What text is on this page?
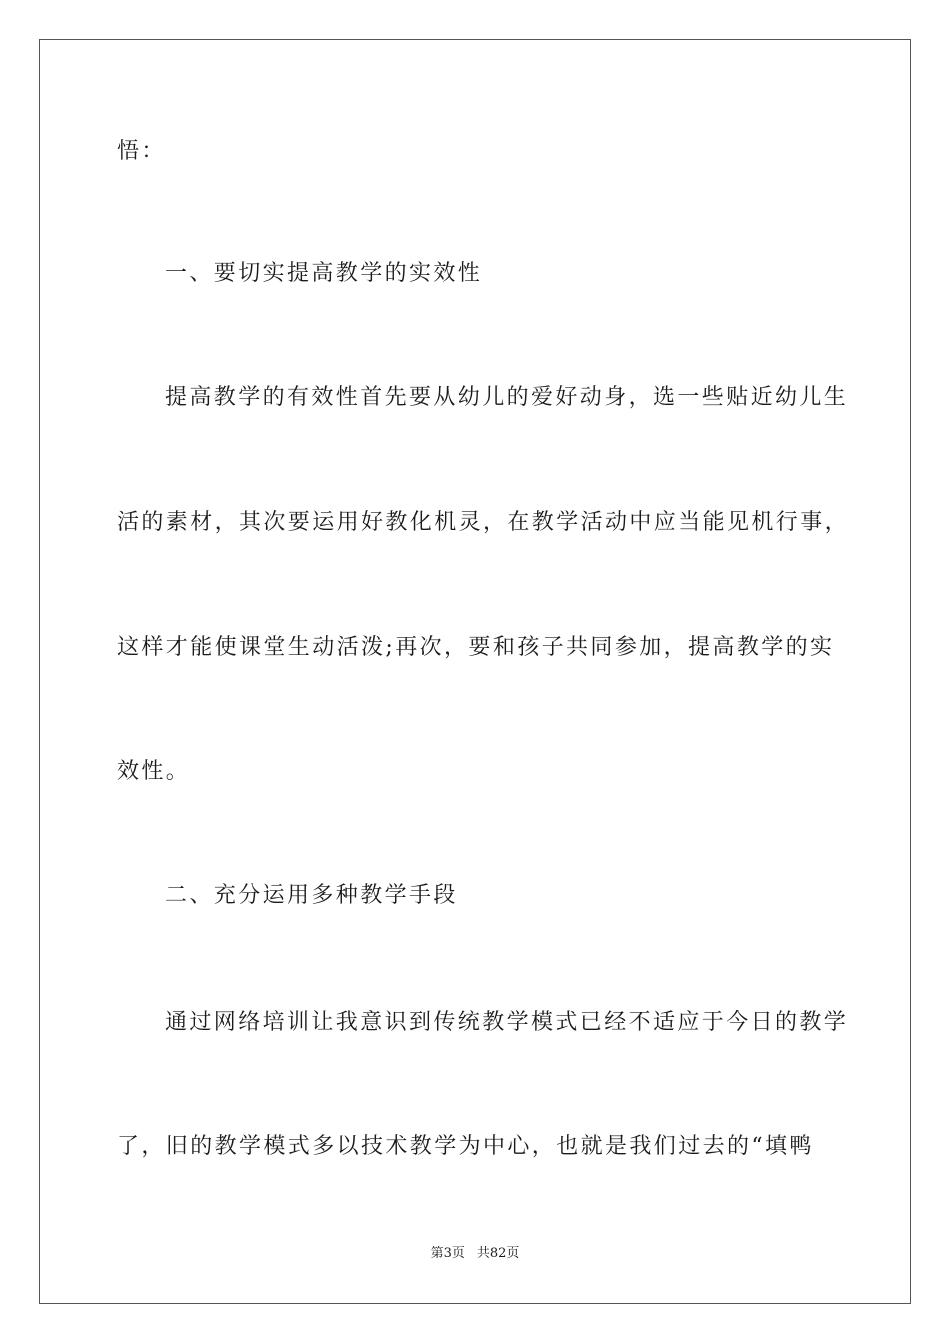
悟：
一、要切实提高教学的实效性
提高教学的有效性首先要从幼儿的爱好动身，选一些贴近幼儿生
活的素材，其次要运用好教化机灵，在教学活动中应当能见机行事，
这样才能使课堂生动活泼;再次，要和孩子共同参加，提高教学的实
效性。
二、充分运用多种教学手段
通过网络培训让我意识到传统教学模式已经不适应于今日的教学
了，旧的教学模式多以技术教学为中心，也就是我们过去的“填鸭
第3页 共82页
